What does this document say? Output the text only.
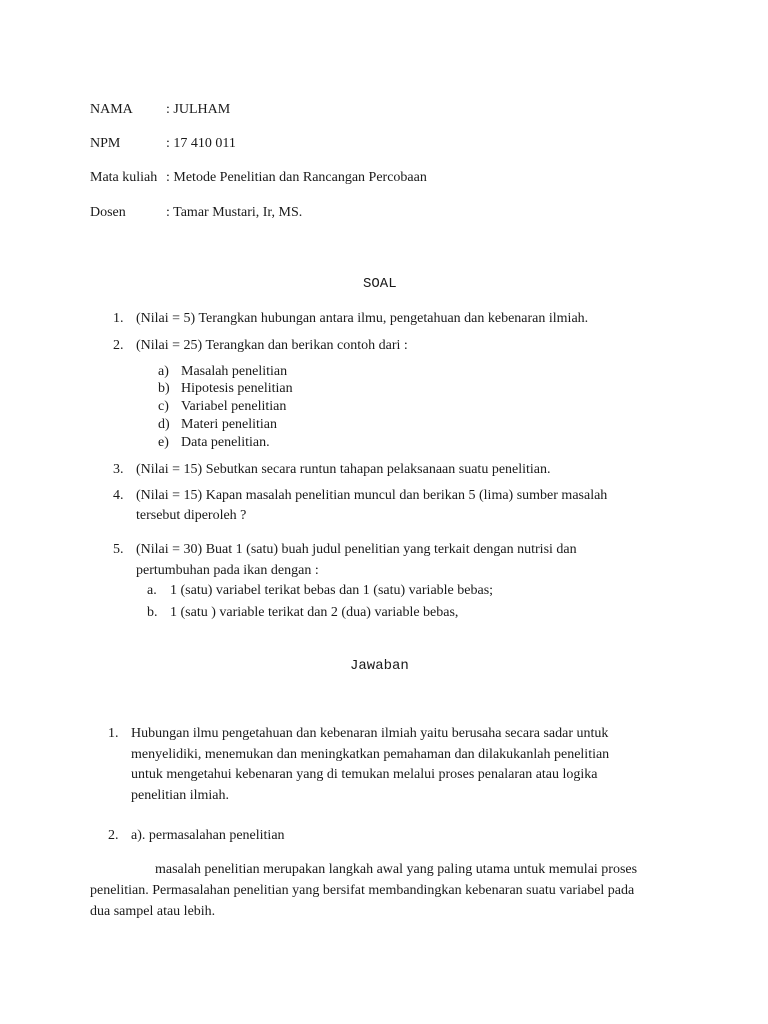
NAMA : JULHAM
NPM	: 17 410 011
Mata kuliah : Metode Penelitian dan Rancangan Percobaan
Dosen	: Tamar Mustari, Ir, MS.
SOAL
1. (Nilai = 5) Terangkan hubungan antara ilmu, pengetahuan dan kebenaran ilmiah.
2. (Nilai = 25) Terangkan dan berikan contoh dari :
a) Masalah penelitian
b) Hipotesis penelitian
c) Variabel penelitian
d) Materi penelitian
e) Data penelitian.
3. (Nilai = 15) Sebutkan secara runtun tahapan pelaksanaan suatu penelitian.
4. (Nilai = 15) Kapan masalah penelitian muncul dan berikan 5 (lima) sumber masalah
tersebut diperoleh ?
5. (Nilai = 30) Buat 1 (satu) buah judul penelitian yang terkait dengan nutrisi dan
pertumbuhan pada ikan dengan :
a. 1 (satu) variabel terikat bebas dan 1 (satu) variable bebas;
b. 1 (satu ) variable terikat dan 2 (dua) variable bebas,
Jawaban
1. Hubungan ilmu pengetahuan dan kebenaran ilmiah yaitu berusaha secara sadar untuk
menyelidiki, menemukan dan meningkatkan pemahaman dan dilakukanlah penelitian
untuk mengetahui kebenaran yang di temukan melalui proses penalaran atau logika
penelitian ilmiah.
2. a). permasalahan penelitian
masalah penelitian merupakan langkah awal yang paling utama untuk memulai proses
penelitian. Permasalahan penelitian yang bersifat membandingkan kebenaran suatu variabel pada
dua sampel atau lebih.
